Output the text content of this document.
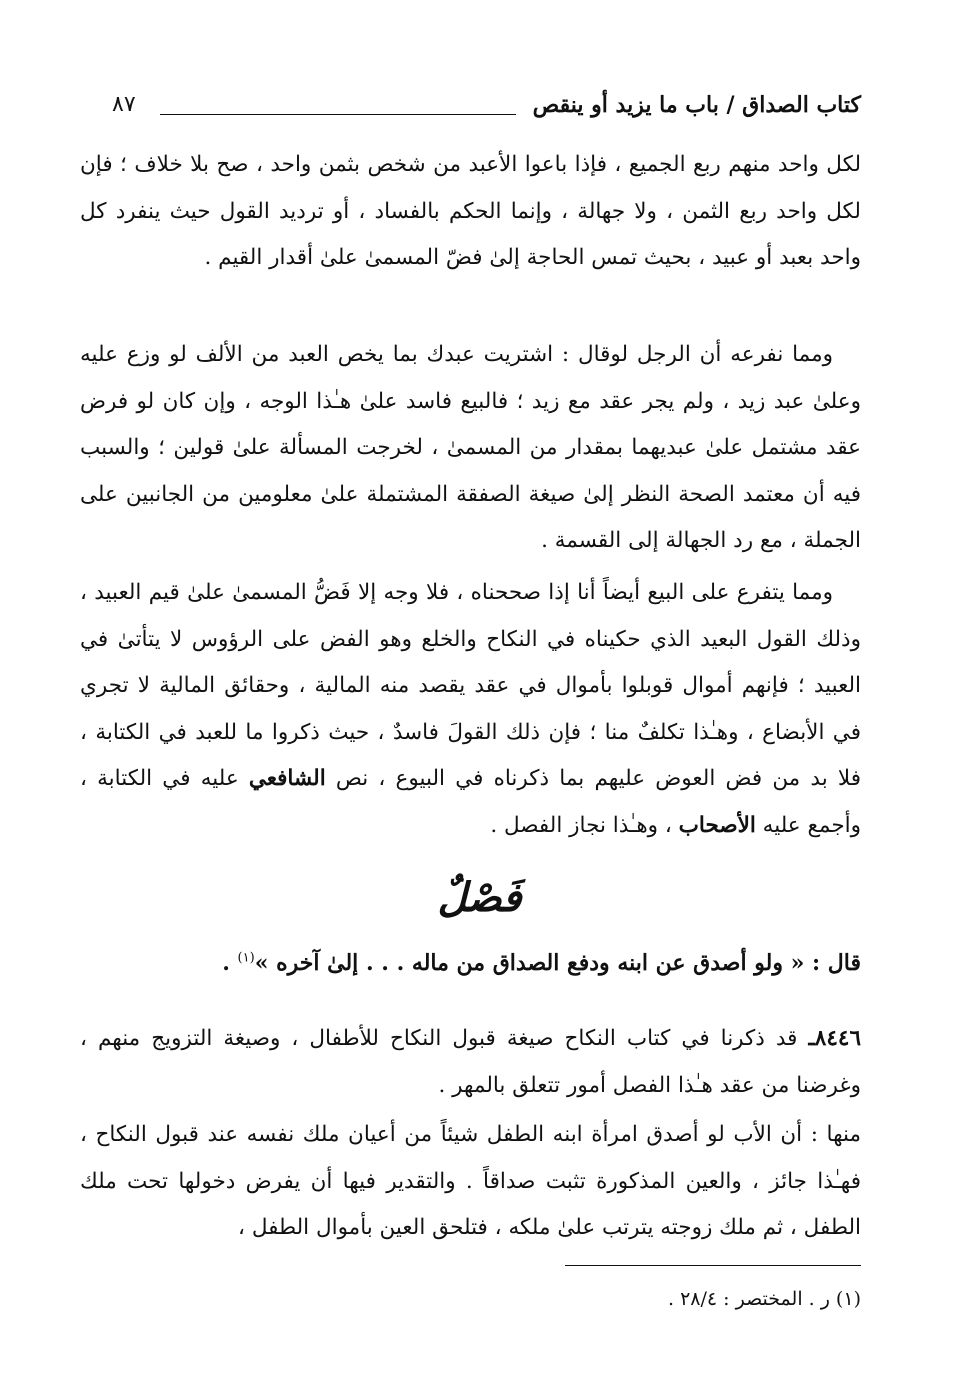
كتاب الصداق / باب ما يزيد أو ينقص
٨٧

لكل واحد منهم ربع الجميع ، فإذا باعوا الأعبد من شخص بثمن واحد ، صح بلا خلاف ؛ فإن لكل واحد ربع الثمن ، ولا جهالة ، وإنما الحكم بالفساد ، أو ترديد القول حيث ينفرد كل واحد بعبد أو عبيد ، بحيث تمس الحاجة إلىٰ فضّ المسمىٰ علىٰ أقدار القيم .

ومما نفرعه أن الرجل لوقال : اشتريت عبدك بما يخص العبد من الألف لو وزع عليه وعلىٰ عبد زيد ، ولم يجر عقد مع زيد ؛ فالبيع فاسد علىٰ هـٰذا الوجه ، وإن كان لو فرض عقد مشتمل علىٰ عبديهما بمقدار من المسمىٰ ، لخرجت المسألة علىٰ قولين ؛ والسبب فيه أن معتمد الصحة النظر إلىٰ صيغة الصفقة المشتملة علىٰ معلومين من الجانبين على الجملة ، مع رد الجهالة إلى القسمة .

ومما يتفرع على البيع أيضاً أنا إذا صححناه ، فلا وجه إلا فَضُّ المسمىٰ علىٰ قيم العبيد ، وذلك القول البعيد الذي حكيناه في النكاح والخلع وهو الفض على الرؤوس لا يتأتىٰ في العبيد ؛ فإنهم أموال قوبلوا بأموال في عقد يقصد منه المالية ، وحقائق المالية لا تجري في الأبضاع ، وهـٰذا تكلفٌ منا ؛ فإن ذلك القولَ فاسدٌ ، حيث ذكروا ما للعبد في الكتابة ، فلا بد من فض العوض عليهم بما ذكرناه في البيوع ، نص الشافعي عليه في الكتابة ، وأجمع عليه الأصحاب ، وهـٰذا نجاز الفصل .

فَصْلٌ
قال : « ولو أصدق عن ابنه ودفع الصداق من ماله . . . إلىٰ آخره »$^{(١)}$ .

٨٤٤٦ـ قد ذكرنا في كتاب النكاح صيغة قبول النكاح للأطفال ، وصيغة التزويج منهم ، وغرضنا من عقد هـٰذا الفصل أمور تتعلق بالمهر .

منها : أن الأب لو أصدق امرأة ابنه الطفل شيئاً من أعيان ملك نفسه عند قبول النكاح ، فهـٰذا جائز ، والعين المذكورة تثبت صداقاً . والتقدير فيها أن يفرض دخولها تحت ملك الطفل ، ثم ملك زوجته يترتب علىٰ ملكه ، فتلحق العين بأموال الطفل ،

(١) ر . المختصر : ٢٨/٤ .
